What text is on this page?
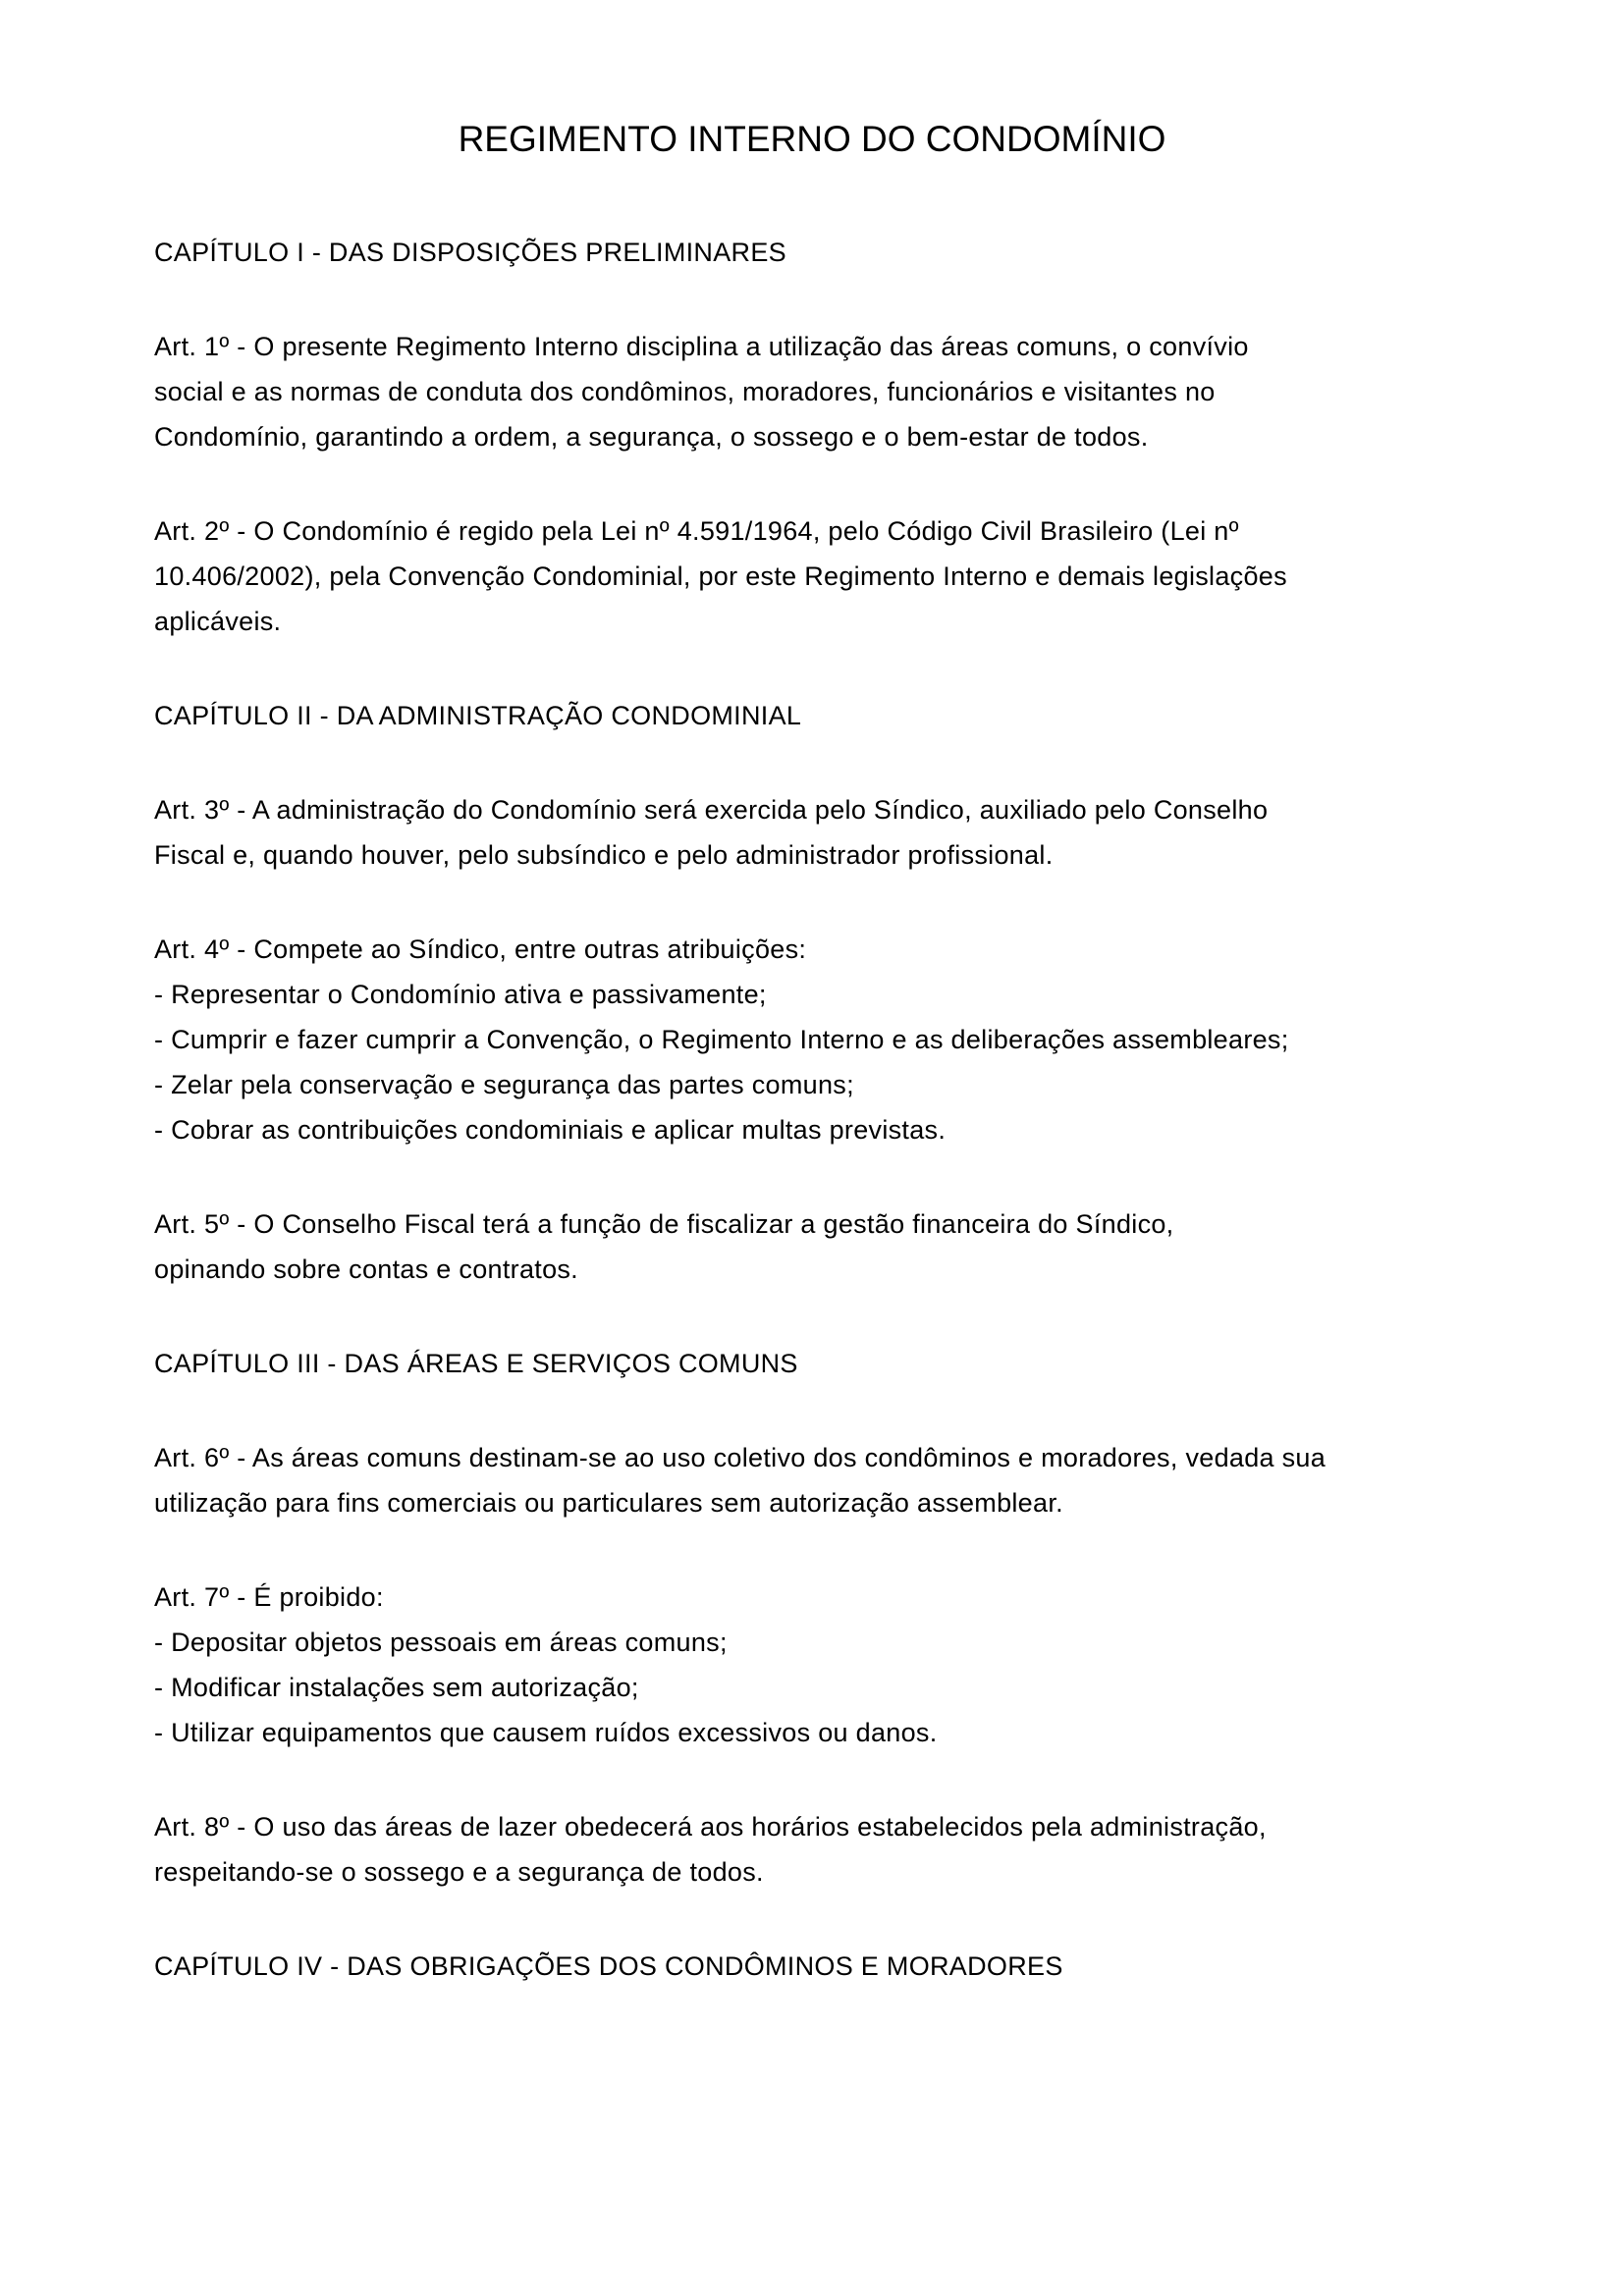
REGIMENTO INTERNO DO CONDOMÍNIO
CAPÍTULO I - DAS DISPOSIÇÕES PRELIMINARES
Art. 1º - O presente Regimento Interno disciplina a utilização das áreas comuns, o convívio
social e as normas de conduta dos condôminos, moradores, funcionários e visitantes no
Condomínio, garantindo a ordem, a segurança, o sossego e o bem-estar de todos.
Art. 2º - O Condomínio é regido pela Lei nº 4.591/1964, pelo Código Civil Brasileiro (Lei nº
10.406/2002), pela Convenção Condominial, por este Regimento Interno e demais legislações
aplicáveis.
CAPÍTULO II - DA ADMINISTRAÇÃO CONDOMINIAL
Art. 3º - A administração do Condomínio será exercida pelo Síndico, auxiliado pelo Conselho
Fiscal e, quando houver, pelo subsíndico e pelo administrador profissional.
Art. 4º - Compete ao Síndico, entre outras atribuições:
- Representar o Condomínio ativa e passivamente;
- Cumprir e fazer cumprir a Convenção, o Regimento Interno e as deliberações assembleares;
- Zelar pela conservação e segurança das partes comuns;
- Cobrar as contribuições condominiais e aplicar multas previstas.
Art. 5º - O Conselho Fiscal terá a função de fiscalizar a gestão financeira do Síndico,
opinando sobre contas e contratos.
CAPÍTULO III - DAS ÁREAS E SERVIÇOS COMUNS
Art. 6º - As áreas comuns destinam-se ao uso coletivo dos condôminos e moradores, vedada sua
utilização para fins comerciais ou particulares sem autorização assemblear.
Art. 7º - É proibido:
- Depositar objetos pessoais em áreas comuns;
- Modificar instalações sem autorização;
- Utilizar equipamentos que causem ruídos excessivos ou danos.
Art. 8º - O uso das áreas de lazer obedecerá aos horários estabelecidos pela administração,
respeitando-se o sossego e a segurança de todos.
CAPÍTULO IV - DAS OBRIGAÇÕES DOS CONDÔMINOS E MORADORES
